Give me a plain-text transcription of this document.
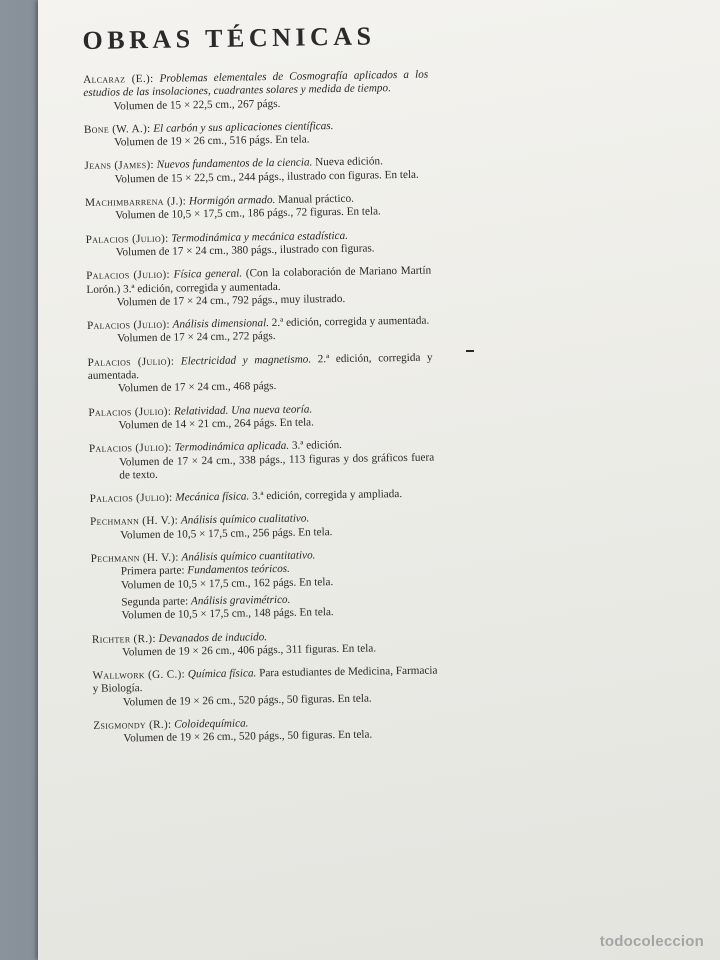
OBRAS TÉCNICAS

Alcaraz (E.): Problemas elementales de Cosmografía aplicados a los estudios de las insolaciones, cuadrantes solares y medida de tiempo.

Volumen de 15 × 22,5 cm., 267 págs.

Bone (W. A.): El carbón y sus aplicaciones científicas.

Volumen de 19 × 26 cm., 516 págs. En tela.

Jeans (James): Nuevos fundamentos de la ciencia. Nueva edición.

Volumen de 15 × 22,5 cm., 244 págs., ilustrado con figuras. En tela.

Machimbarrena (J.): Hormigón armado. Manual práctico.

Volumen de 10,5 × 17,5 cm., 186 págs., 72 figuras. En tela.

Palacios (Julio): Termodinámica y mecánica estadística.

Volumen de 17 × 24 cm., 380 págs., ilustrado con figuras.

Palacios (Julio): Física general. (Con la colaboración de Mariano Martín Lorón.) 3.ª edición, corregida y aumentada.

Volumen de 17 × 24 cm., 792 págs., muy ilustrado.

Palacios (Julio): Análisis dimensional. 2.ª edición, corregida y aumentada.

Volumen de 17 × 24 cm., 272 págs.

Palacios (Julio): Electricidad y magnetismo. 2.ª edición, corregida y aumentada.

Volumen de 17 × 24 cm., 468 págs.

Palacios (Julio): Relatividad. Una nueva teoría.

Volumen de 14 × 21 cm., 264 págs. En tela.

Palacios (Julio): Termodinámica aplicada. 3.ª edición.

Volumen de 17 × 24 cm., 338 págs., 113 figuras y dos gráficos fuera de texto.

Palacios (Julio): Mecánica física. 3.ª edición, corregida y ampliada.

Pechmann (H. V.): Análisis químico cualitativo.

Volumen de 10,5 × 17,5 cm., 256 págs. En tela.

Pechmann (H. V.): Análisis químico cuantitativo.

Primera parte: Fundamentos teóricos.

Volumen de 10,5 × 17,5 cm., 162 págs. En tela.

Segunda parte: Análisis gravimétrico.

Volumen de 10,5 × 17,5 cm., 148 págs. En tela.

Richter (R.): Devanados de inducido.

Volumen de 19 × 26 cm., 406 págs., 311 figuras. En tela.

Wallwork (G. C.): Química física. Para estudiantes de Medicina, Farmacia y Biología.

Volumen de 19 × 26 cm., 520 págs., 50 figuras. En tela.

Zsigmondy (R.): Coloidequímica.

Volumen de 19 × 26 cm., 520 págs., 50 figuras. En tela.

todocoleccion
